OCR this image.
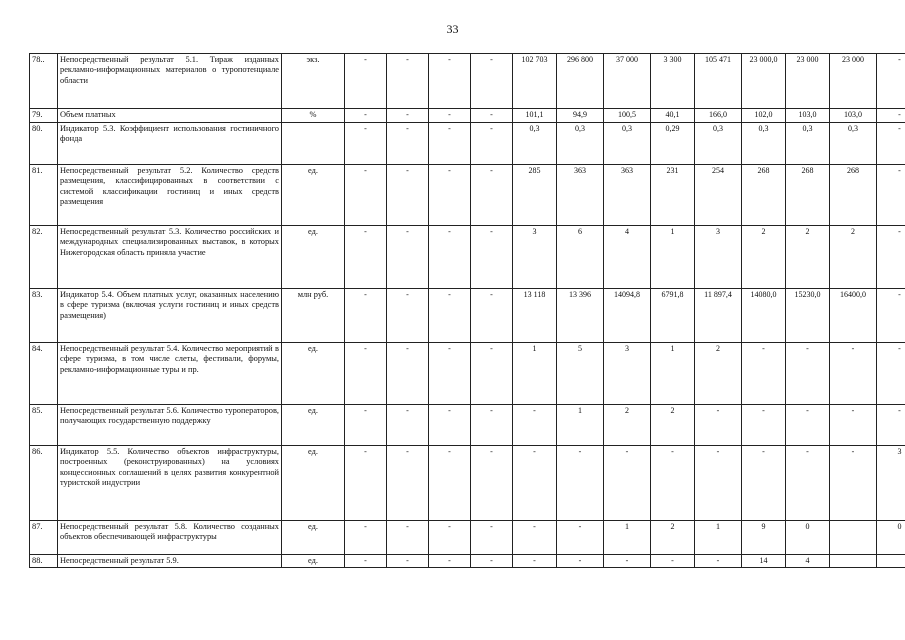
33
78..	Непосредственный результат 5.1. Тираж изданных рекламно-информационных материалов о туропотенциале области	экз.	-	-	-	-	102 703	296 800	37 000	3 300	105 471	23 000,0	23 000	23 000	-
79.	Объем платных	%	-	-	-	-	101,1	94,9	100,5	40,1	166,0	102,0	103,0	103,0	-
80.	Индикатор 5.3. Коэффициент использования гостиничного фонда		-	-	-	-	0,3	0,3	0,3	0,29	0,3	0,3	0,3	0,3	-
81.	Непосредственный результат 5.2. Количество средств размещения, классифицированных в соответствии с системой классификации гостиниц и иных средств размещения	ед.	-	-	-	-	285	363	363	231	254	268	268	268	-
82.	Непосредственный результат 5.3. Количество российских и международных специализированных выставок, в которых Нижегородская область приняла участие	ед.	-	-	-	-	3	6	4	1	3	2	2	2	-
83.	Индикатор 5.4. Объем платных услуг, оказанных населению в сфере туризма (включая услуги гостиниц и иных средств размещения)	млн руб.	-	-	-	-	13 118	13 396	14094,8	6791,8	11 897,4	14080,0	15230,0	16400,0	-
84.	Непосредственный результат 5.4. Количество мероприятий в сфере туризма, в том числе слеты, фестивали, форумы, рекламно-информационные туры и пр.	ед.	-	-	-	-	1	5	3	1	2	-	-	-	-
85.	Непосредственный результат 5.6. Количество туроператоров, получающих государственную поддержку	ед.	-	-	-	-	-	1	2	2	-	-	-	-	-
86.	Индикатор 5.5. Количество объектов инфраструктуры, построенных (реконструированных) на условиях концессионных соглашений в целях развития конкурентной туристской индустрии	ед.	-	-	-	-	-	-	-	-	-	-	-	-	3
87.	Непосредственный результат 5.8. Количество созданных объектов обеспечивающей инфраструктуры	ед.	-	-	-	-	-	-	1	2	1	9	0		0
88.	Непосредственный результат 5.9.	ед.	-	-	-	-	-	-	-	-	-	14	4		
